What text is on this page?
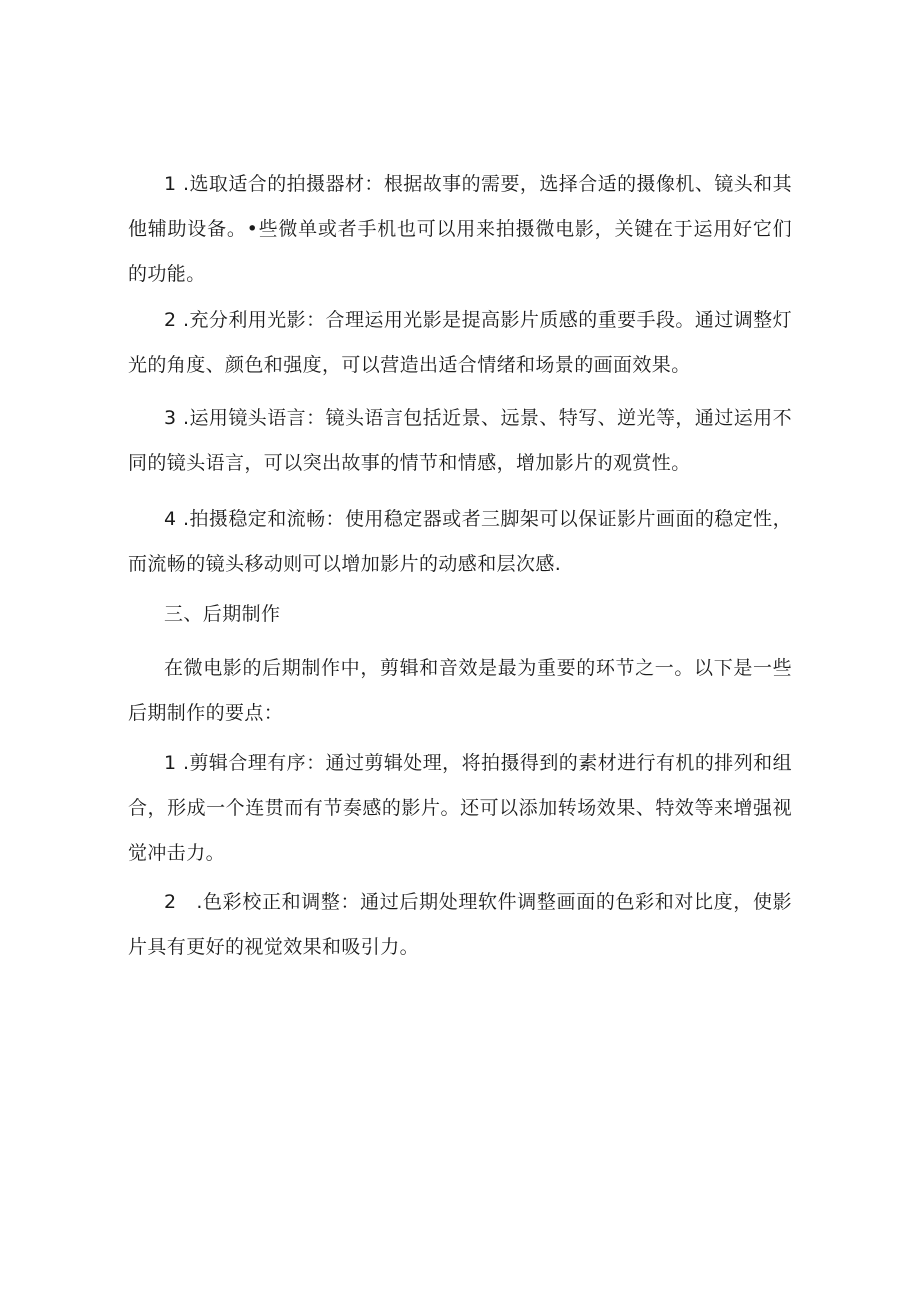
1 .选取适合的拍摄器材：根据故事的需要，选择合适的摄像机、镜头和其他辅助设备。•些微单或者手机也可以用来拍摄微电影，关键在于运用好它们的功能。

2 .充分利用光影：合理运用光影是提高影片质感的重要手段。通过调整灯光的角度、颜色和强度，可以营造出适合情绪和场景的画面效果。

3 .运用镜头语言：镜头语言包括近景、远景、特写、逆光等，通过运用不同的镜头语言，可以突出故事的情节和情感，增加影片的观赏性。

4 .拍摄稳定和流畅：使用稳定器或者三脚架可以保证影片画面的稳定性，而流畅的镜头移动则可以增加影片的动感和层次感.

三、后期制作

在微电影的后期制作中，剪辑和音效是最为重要的环节之一。以下是一些后期制作的要点：

1 .剪辑合理有序：通过剪辑处理，将拍摄得到的素材进行有机的排列和组合，形成一个连贯而有节奏感的影片。还可以添加转场效果、特效等来增强视觉冲击力。

2　.色彩校正和调整：通过后期处理软件调整画面的色彩和对比度，使影片具有更好的视觉效果和吸引力。
